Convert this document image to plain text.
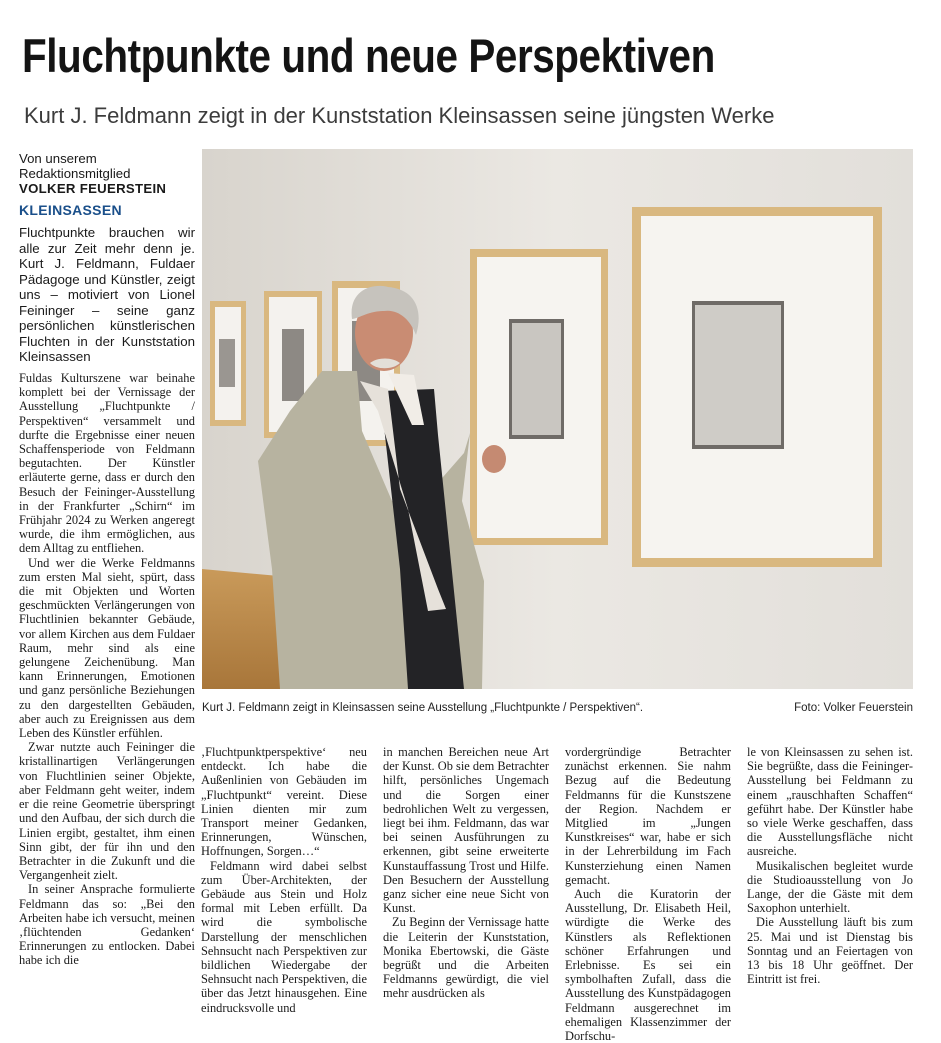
Fluchtpunkte und neue Perspektiven
Kurt J. Feldmann zeigt in der Kunststation Kleinsassen seine jüngsten Werke
Von unserem
Redaktionsmitglied
VOLKER FEUERSTEIN
KLEINSASSEN
Fluchtpunkte brauchen wir alle zur Zeit mehr denn je. Kurt J. Feldmann, Fuldaer Pädagoge und Künstler, zeigt uns – motiviert von Lionel Feininger – seine ganz persönlichen künstlerischen Fluchten in der Kunststation Kleinsassen

Fuldas Kulturszene war beinahe komplett bei der Vernissage der Ausstellung „Fluchtpunkte / Perspektiven“ versammelt und durfte die Ergebnisse einer neuen Schaffensperiode von Feldmann begutachten. Der Künstler erläuterte gerne, dass er durch den Besuch der Feininger-Ausstellung in der Frankfurter „Schirn“ im Frühjahr 2024 zu Werken angeregt wurde, die ihm ermöglichen, aus dem Alltag zu entfliehen.

Und wer die Werke Feldmanns zum ersten Mal sieht, spürt, dass die mit Objekten und Worten geschmückten Verlängerungen von Fluchtlinien bekannter Gebäude, vor allem Kirchen aus dem Fuldaer Raum, mehr sind als eine gelungene Zeichenübung. Man kann Erinnerungen, Emotionen und ganz persönliche Beziehungen zu den dargestellten Gebäuden, aber auch zu Ereignissen aus dem Leben des Künstler erfühlen.

Zwar nutzte auch Feininger die kristallinartigen Verlängerungen von Fluchtlinien seiner Objekte, aber Feldmann geht weiter, indem er die reine Geometrie überspringt und den Aufbau, der sich durch die Linien ergibt, gestaltet, ihm einen Sinn gibt, der für ihn und den Betrachter in die Zukunft und die Vergangenheit zielt.

In seiner Ansprache formulierte Feldmann das so: „Bei den Arbeiten habe ich versucht, meinen ‚flüchtenden Gedanken‘ Erinnerungen zu entlocken. Dabei habe ich die

Kurt J. Feldmann zeigt in Kleinsassen seine Ausstellung „Fluchtpunkte / Perspektiven“.	Foto: Volker Feuerstein

‚Fluchtpunktperspektive‘ neu entdeckt. Ich habe die Außenlinien von Gebäuden im „Fluchtpunkt“ vereint. Diese Linien dienten mir zum Transport meiner Gedanken, Erinnerungen, Wünschen, Hoffnungen, Sorgen…“

Feldmann wird dabei selbst zum Über-Architekten, der Gebäude aus Stein und Holz formal mit Leben erfüllt. Da wird die symbolische Darstellung der menschlichen Sehnsucht nach Perspektiven zur bildlichen Wiedergabe der Sehnsucht nach Perspektiven, die über das Jetzt hinausgehen. Eine eindrucksvolle und

in manchen Bereichen neue Art der Kunst. Ob sie dem Betrachter hilft, persönliches Ungemach und die Sorgen einer bedrohlichen Welt zu vergessen, liegt bei ihm. Feldmann, das war bei seinen Ausführungen zu erkennen, gibt seine erweiterte Kunstauffassung Trost und Hilfe. Den Besuchern der Ausstellung ganz sicher eine neue Sicht von Kunst.

Zu Beginn der Vernissage hatte die Leiterin der Kunststation, Monika Ebertowski, die Gäste begrüßt und die Arbeiten Feldmanns gewürdigt, die viel mehr ausdrücken als

vordergründige Betrachter zunächst erkennen. Sie nahm Bezug auf die Bedeutung Feldmanns für die Kunstszene der Region. Nachdem er Mitglied im „Jungen Kunstkreises“ war, habe er sich in der Lehrerbildung im Fach Kunsterziehung einen Namen gemacht.

Auch die Kuratorin der Ausstellung, Dr. Elisabeth Heil, würdigte die Werke des Künstlers als Reflektionen schöner Erfahrungen und Erlebnisse. Es sei ein symbolhaften Zufall, dass die Ausstellung des Kunstpädagogen Feldmann ausgerechnet im ehemaligen Klassenzimmer der Dorfschu-

le von Kleinsassen zu sehen ist. Sie begrüßte, dass die Feininger-Ausstellung bei Feldmann zu einem „rauschhaften Schaffen“ geführt habe. Der Künstler habe so viele Werke geschaffen, dass die Ausstellungsfläche nicht ausreiche.

Musikalischen begleitet wurde die Studioausstellung von Jo Lange, der die Gäste mit dem Saxophon unterhielt.

Die Ausstellung läuft bis zum 25. Mai und ist Dienstag bis Sonntag und an Feiertagen von 13 bis 18 Uhr geöffnet. Der Eintritt ist frei.
